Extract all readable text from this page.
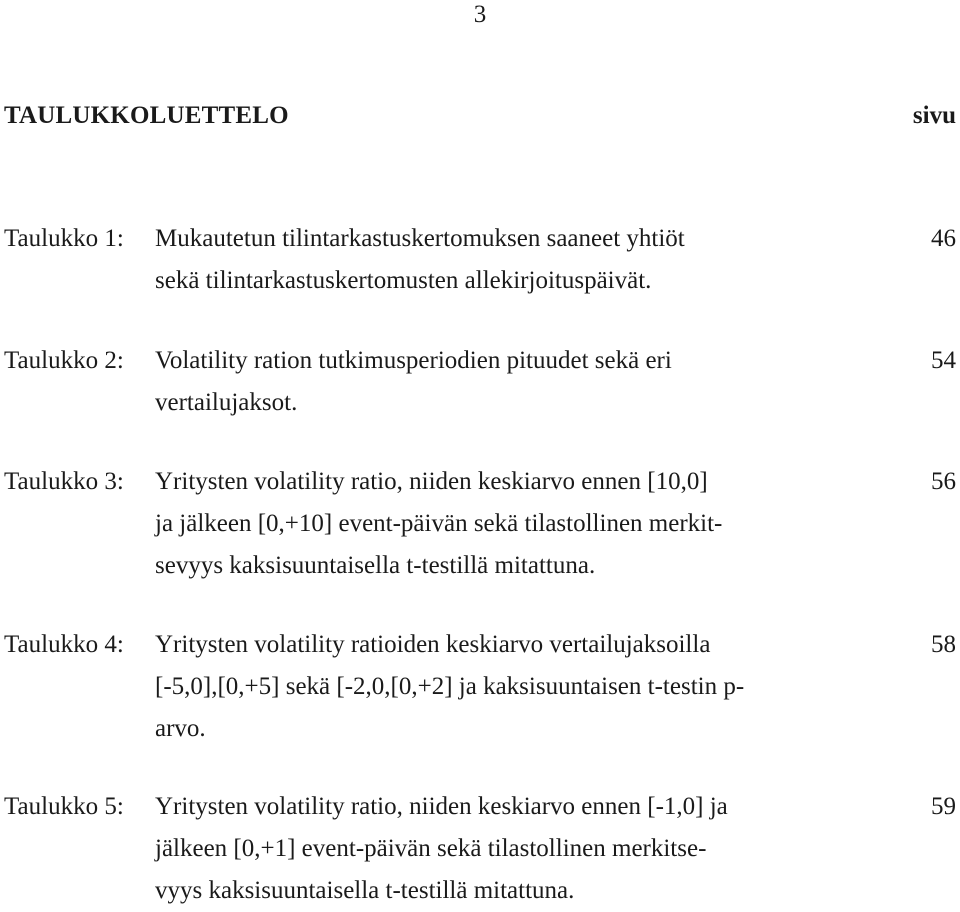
3
TAULUKKOLUETTELO	sivu
Taulukko 1: Mukautetun tilintarkastuskertomuksen saaneet yhtiöt
sekä tilintarkastuskertomusten allekirjoituspäivät.
46
Taulukko 2: Volatility ration tutkimusperiodien pituudet sekä eri
vertailujaksot.
54
Taulukko 3: Yritysten volatility ratio, niiden keskiarvo ennen [10,0]
ja jälkeen [0,+10] event-päivän sekä tilastollinen merkit-
sevyys kaksisuuntaisella t-testillä mitattuna.
56
Taulukko 4: Yritysten volatility ratioiden keskiarvo vertailujaksoilla
[-5,0],[0,+5] sekä [-2,0,[0,+2] ja kaksisuuntaisen t-testin p-
arvo.
58
Taulukko 5: Yritysten volatility ratio, niiden keskiarvo ennen [-1,0] ja
jälkeen [0,+1] event-päivän sekä tilastollinen merkitse-
vyys kaksisuuntaisella t-testillä mitattuna.
59
